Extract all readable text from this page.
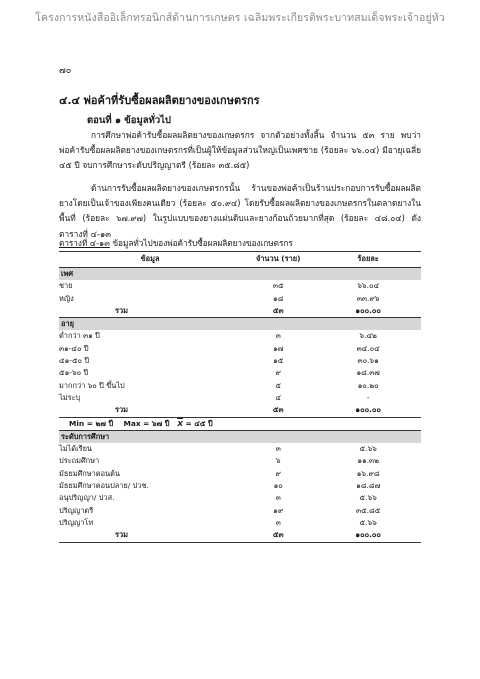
โครงการหนังสืออิเล็กทรอนิกส์ด้านการเกษตร เฉลิมพระเกียรติพระบาทสมเด็จพระเจ้าอยู่หัว
๗๐
๔.๔ พ่อค้าที่รับซื้อผลผลิตยางของเกษตรกร
ตอนที่ ๑ ข้อมูลทั่วไป
การศึกษาพ่อค้ารับซื้อผลผลิตยางของเกษตรกร จากตัวอย่างทั้งสิ้น จำนวน ๕๓ ราย พบว่า พ่อค้ารับซื้อผลผลิตยางของเกษตรกรที่เป็นผู้ให้ข้อมูลส่วนใหญ่เป็นเพศชาย (ร้อยละ ๖๖.๐๔) มีอายุเฉลี่ย ๔๕ ปี จบการศึกษาระดับปริญญาตรี (ร้อยละ ๓๕.๘๕)
ด้านการรับซื้อผลผลิตยางของเกษตรกรนั้น ร้านของพ่อค้าเป็นร้านประกอบการรับซื้อผลผลิตยางโดยเป็นเจ้าของเพียงคนเดียว (ร้อยละ ๕๐.๙๔) โดยรับซื้อผลผลิตยางของเกษตรกรในตลาดยางในพื้นที่ (ร้อยละ ๖๗.๙๗) ในรูปแบบของยางแผ่นดิบและยางก้อนถ้วยมากที่สุด (ร้อยละ ๔๘.๐๔) ดังตารางที่ ๔-๑๓
ตารางที่ ๔-๑๓ ข้อมูลทั่วไปของพ่อค้ารับซื้อผลผลิตยางของเกษตรกร
ข้อมูล	จำนวน (ราย)	ร้อยละ
เพศ		
ชาย	๓๕	๖๖.๐๔
หญิง	๑๘	๓๓.๙๖
รวม	๕๓	๑๐๐.๐๐
อายุ		
ต่ำกว่า ๓๑ ปี	๓	๖.๔๒
๓๑-๔๐ ปี	๑๗	๓๔.๐๔
๔๑-๕๐ ปี	๑๕	๓๐.๖๑
๕๑-๖๐ ปี	๙	๑๘.๓๗
มากกว่า ๖๐ ปี ขึ้นไป	๕	๑๐.๒๐
ไม่ระบุ	๔	-
รวม	๕๓	๑๐๐.๐๐
Min = ๒๗ ปี Max = ๖๗ ปี $\overline{X}$ = ๔๕ ปี		
ระดับการศึกษา		
ไม่ได้เรียน	๓	๕.๖๖
ประถมศึกษา	๖	๑๑.๓๒
มัธยมศึกษาตอนต้น	๙	๑๖.๙๘
มัธยมศึกษาตอนปลาย/ ปวช.	๑๐	๑๘.๘๗
อนุปริญญา/ ปวส.	๓	๕.๖๖
ปริญญาตรี	๑๙	๓๕.๘๕
ปริญญาโท	๓	๕.๖๖
รวม	๕๓	๑๐๐.๐๐
